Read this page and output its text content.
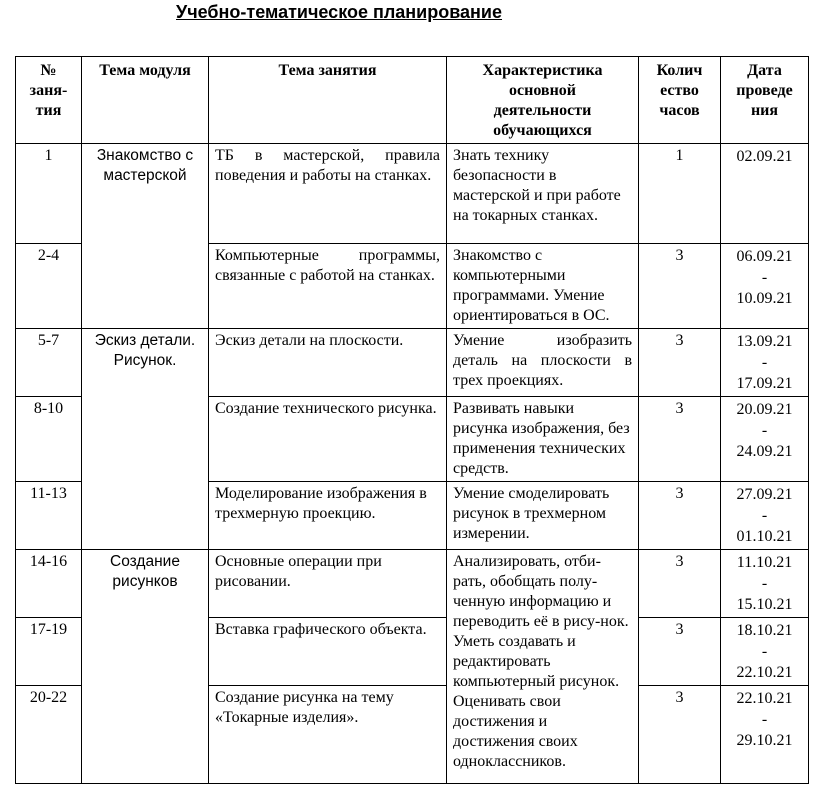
Учебно-тематическое планирование
№
заня-
тия	Тема модуля	Тема занятия	Характеристика
основной
деятельности
обучающихся	Колич
ество
часов	Дата
проведе
ния
1	Знакомство с
мастерской	ТБ в мастерской, правила поведения и работы на станках.	Знать технику безопасности в мастерской и при работе на токарных станках.	1	02.09.21

2-4		Компьютерные программы, связанные с работой на станках.	Знакомство с компьютерными программами. Умение ориентироваться в ОС.	3	06.09.21
-
10.09.21

5-7	Эскиз детали.
Рисунок.	Эскиз детали на плоскости.	Умение изобразить деталь на плоскости в трех проекциях.	3	13.09.21
-
17.09.21

8-10		Создание технического рисунка.	Развивать навыки рисунка изображения, без применения технических средств.	3	20.09.21
-
24.09.21

11-13		Моделирование изображения в трехмерную проекцию.	Умение смоделировать рисунок в трехмерном измерении.	3	27.09.21
-
01.10.21

14-16	Создание
рисунков	Основные операции при рисовании.	Анализировать, отби-рать, обобщать полу-ченную информацию и переводить её в рису-нок. Уметь создавать и редактировать компьютерный рисунок. Оценивать свои достижения и достижения своих одноклассников.	3	11.10.21
-
15.10.21

17-19		Вставка графического объекта.		3	18.10.21
-
22.10.21

20-22		Создание рисунка на тему «Токарные изделия».		3	22.10.21
-
29.10.21
